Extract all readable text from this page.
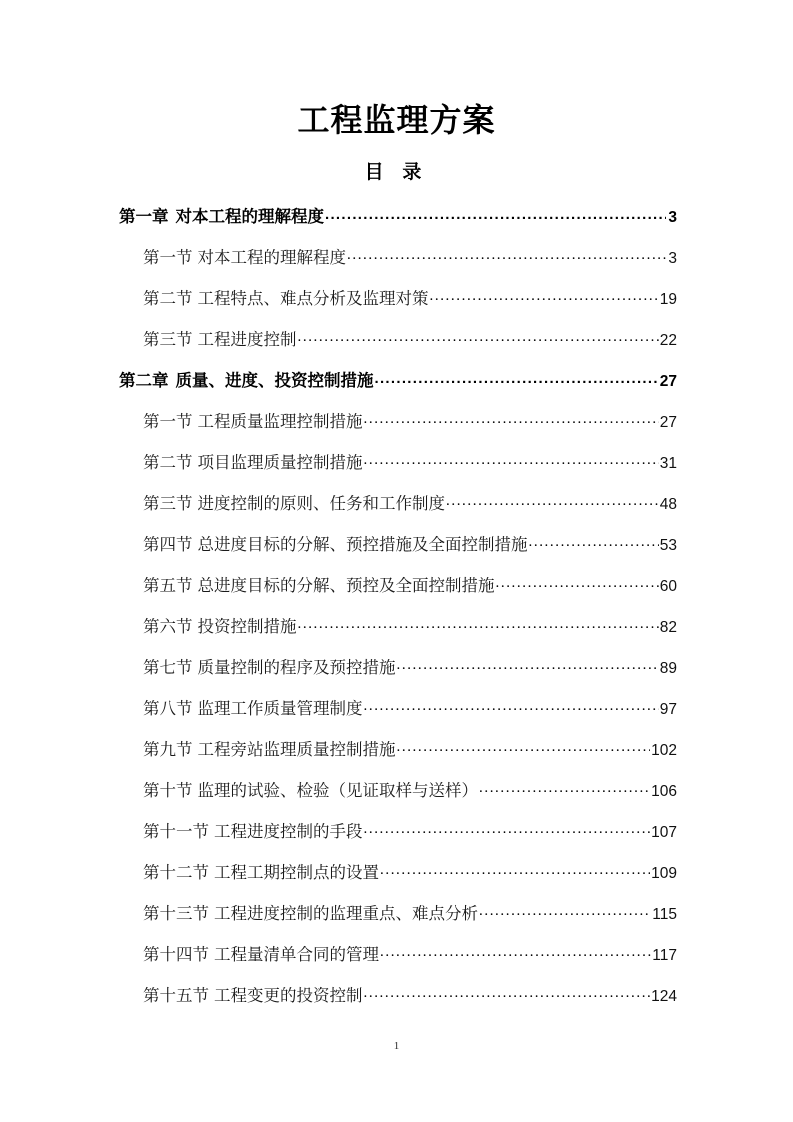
工程监理方案
目 录
第一章 对本工程的理解程度 .....	3
第一节 对本工程的理解程度 .....	3
第二节 工程特点、难点分析及监理对策 .....	19
第三节 工程进度控制 .....	22
第二章 质量、进度、投资控制措施 .....	27
第一节 工程质量监理控制措施 .....	27
第二节 项目监理质量控制措施 .....	31
第三节 进度控制的原则、任务和工作制度 .....	48
第四节 总进度目标的分解、预控措施及全面控制措施 .....	53
第五节 总进度目标的分解、预控及全面控制措施 .....	60
第六节 投资控制措施 .....	82
第七节 质量控制的程序及预控措施 .....	89
第八节 监理工作质量管理制度 .....	97
第九节 工程旁站监理质量控制措施 .....	102
第十节 监理的试验、检验（见证取样与送样） .....	106
第十一节 工程进度控制的手段 .....	107
第十二节 工程工期控制点的设置 .....	109
第十三节 工程进度控制的监理重点、难点分析 .....	115
第十四节 工程量清单合同的管理 .....	117
第十五节 工程变更的投资控制 .....	124
1
